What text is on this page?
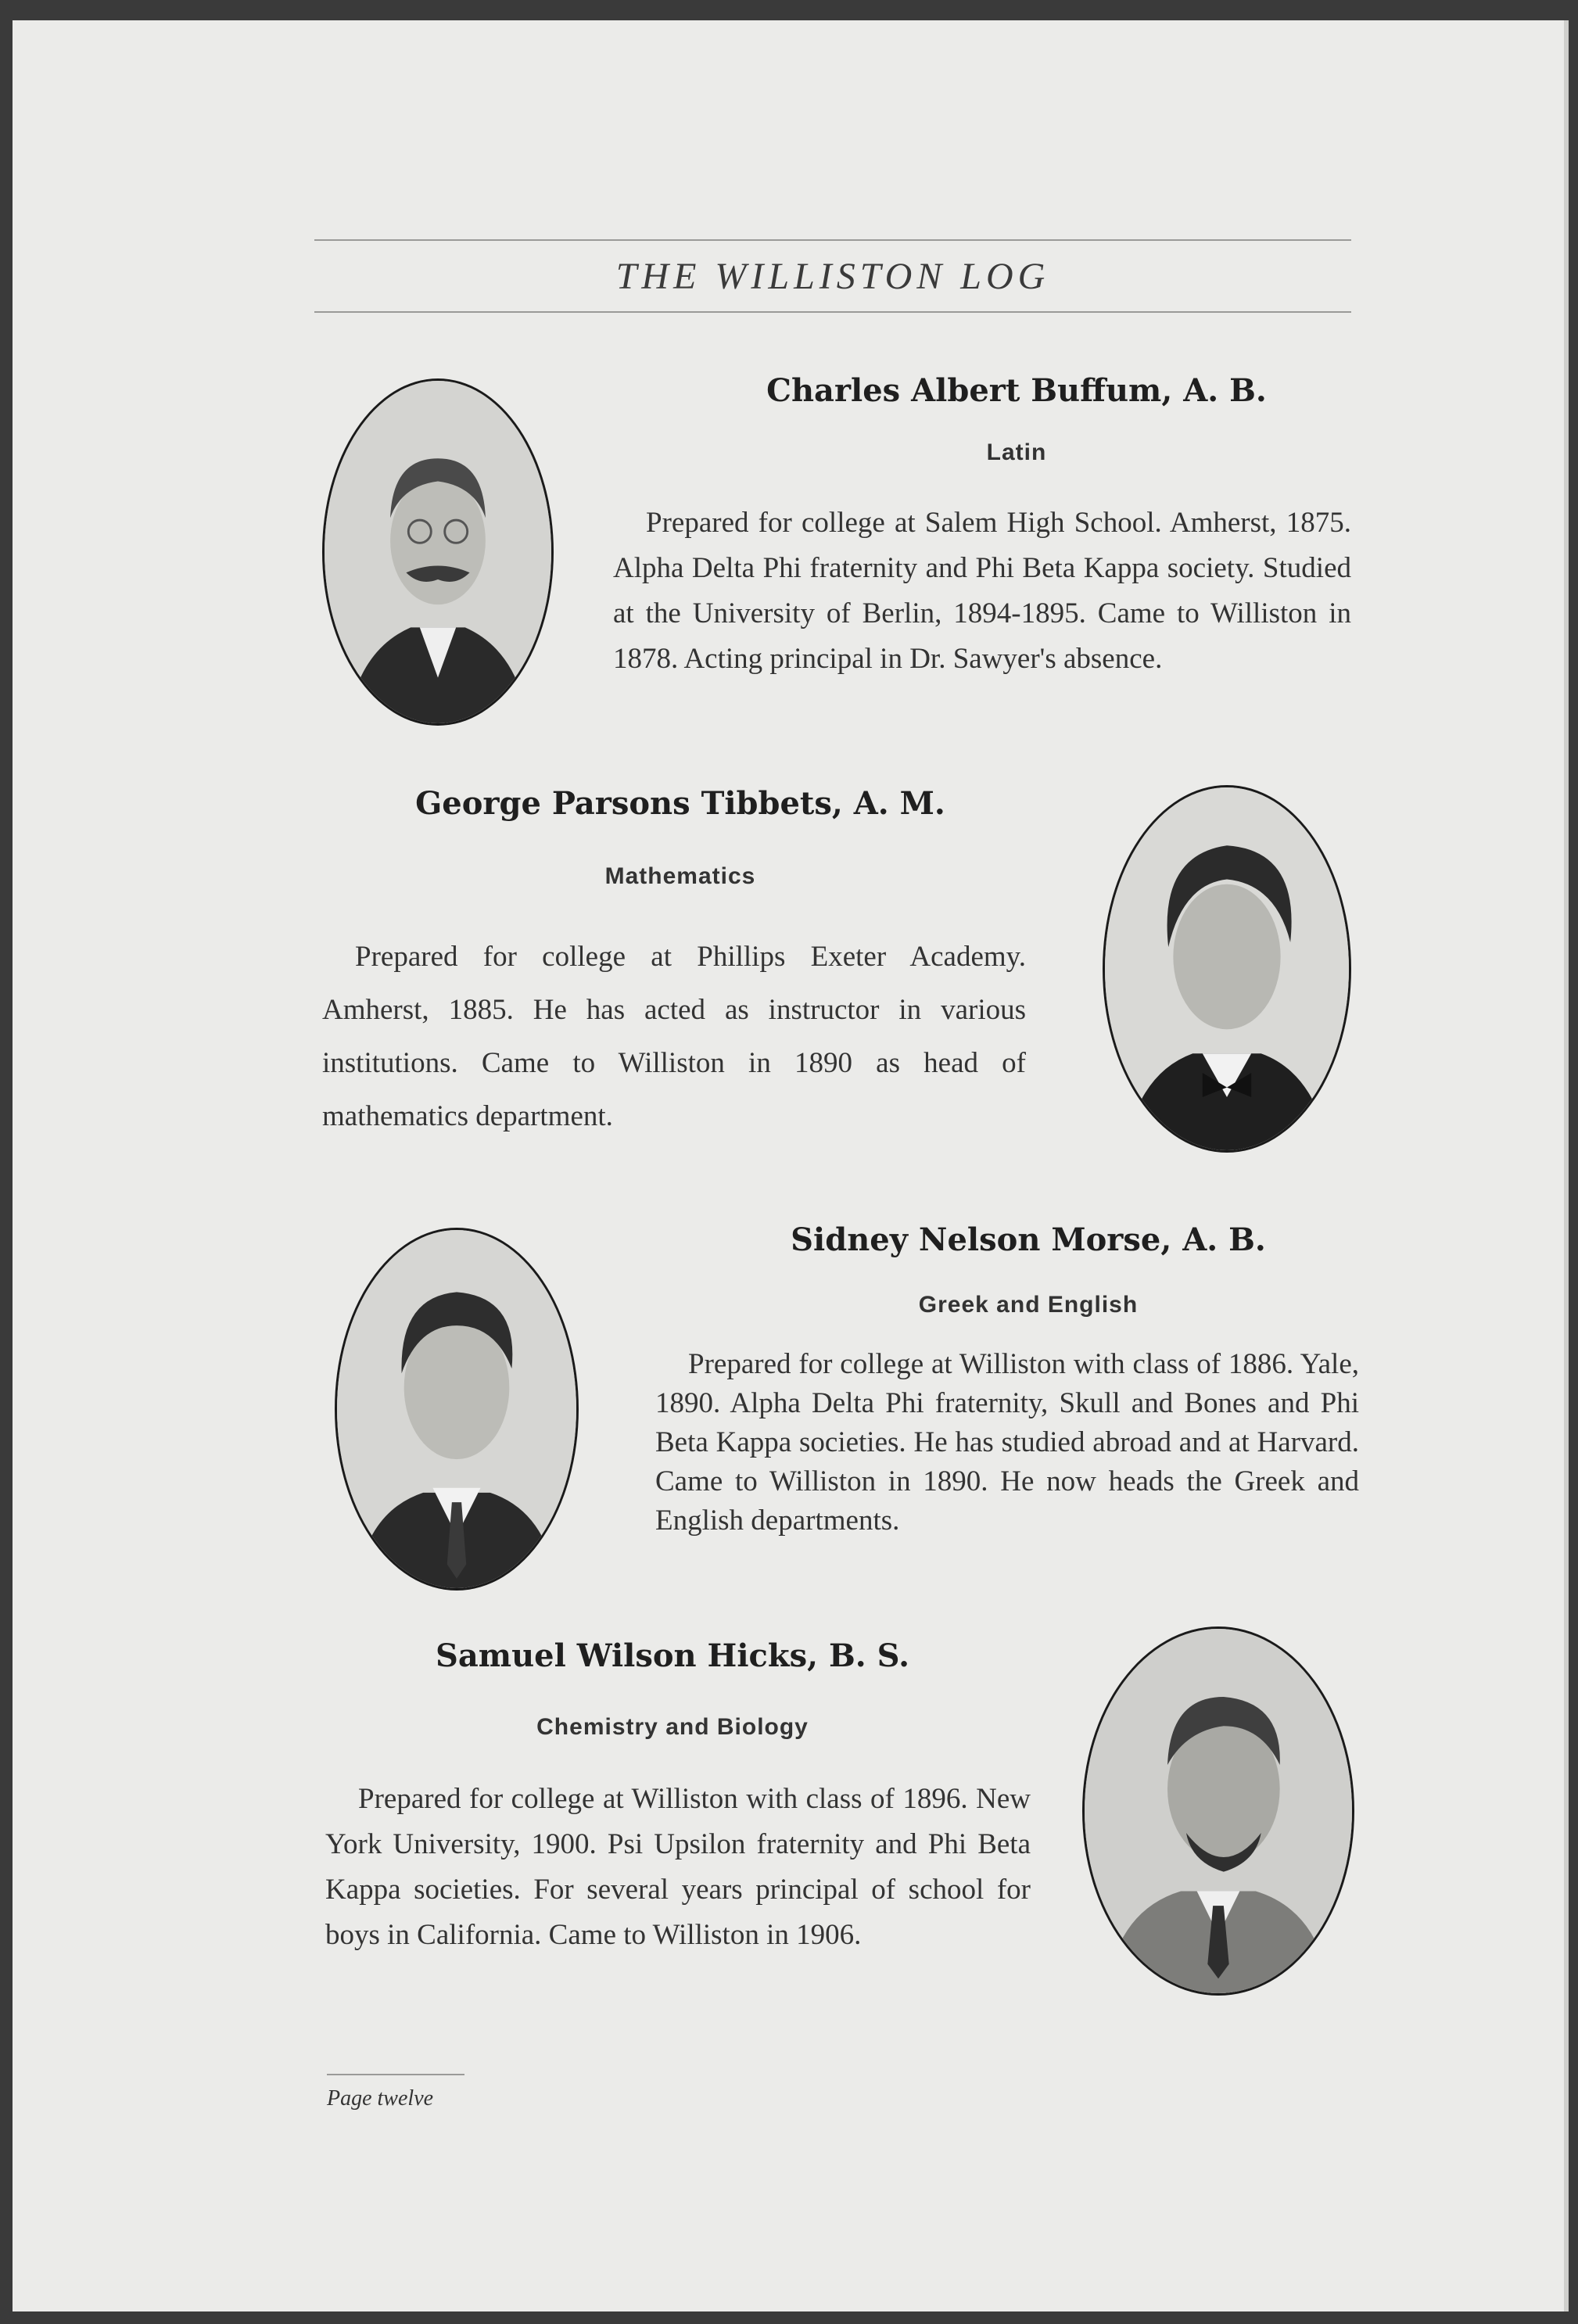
THE WILLISTON LOG
Charles Albert Buffum, A. B.
Latin

Prepared for college at Salem High School. Amherst, 1875. Alpha Delta Phi fraternity and Phi Beta Kappa society. Studied at the University of Berlin, 1894-1895. Came to Williston in 1878. Acting principal in Dr. Sawyer's absence.

George Parsons Tibbets, A. M.
Mathematics

Prepared for college at Phillips Exeter Academy. Amherst, 1885. He has acted as instructor in various institutions. Came to Williston in 1890 as head of mathematics department.

Sidney Nelson Morse, A. B.
Greek and English

Prepared for college at Williston with class of 1886. Yale, 1890. Alpha Delta Phi fraternity, Skull and Bones and Phi Beta Kappa societies. He has studied abroad and at Harvard. Came to Williston in 1890. He now heads the Greek and English departments.

Samuel Wilson Hicks, B. S.
Chemistry and Biology

Prepared for college at Williston with class of 1896. New York University, 1900. Psi Upsilon fraternity and Phi Beta Kappa societies. For several years principal of school for boys in California. Came to Williston in 1906.

Page twelve
